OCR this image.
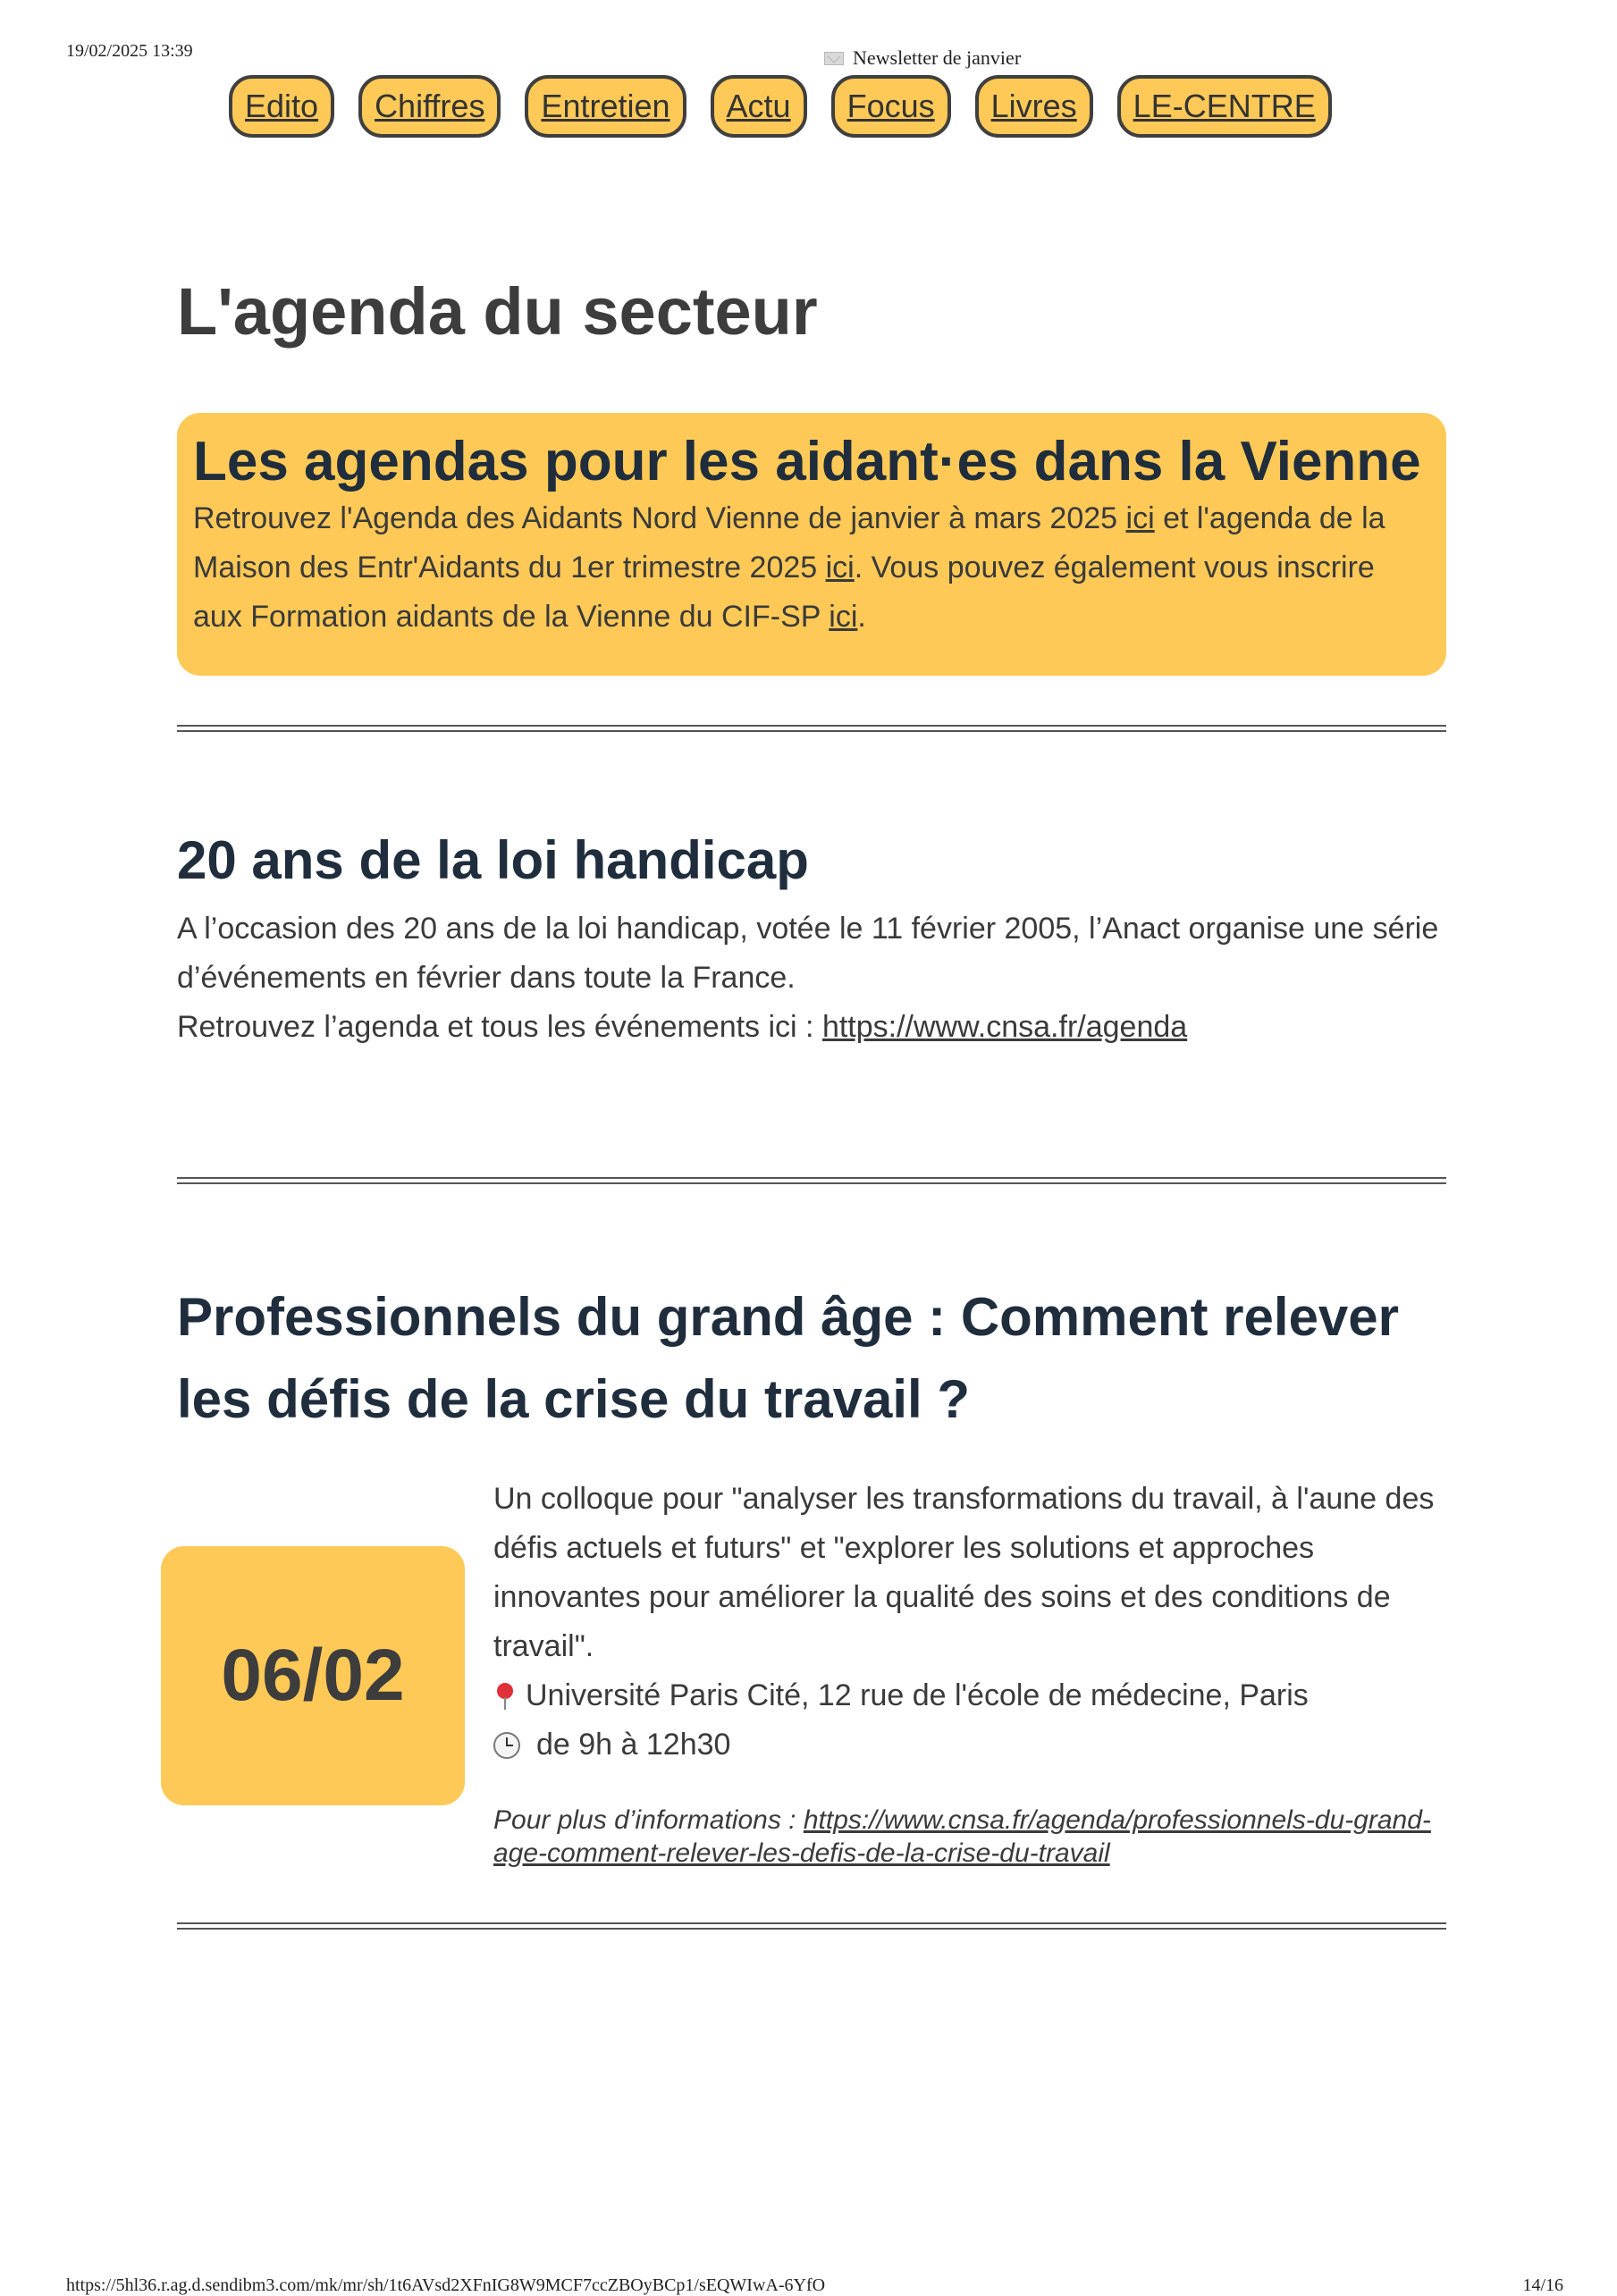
19/02/2025 13:39	Newsletter de janvier
Edito	Chiffres	Entretien	Actu	Focus	Livres	LE-CENTRE
L'agenda du secteur
Les agendas pour les aidant·es dans la Vienne

Retrouvez l'Agenda des Aidants Nord Vienne de janvier à mars 2025 ici et l'agenda de la Maison des Entr'Aidants du 1er trimestre 2025 ici. Vous pouvez également vous inscrire aux Formation aidants de la Vienne du CIF-SP ici.

20 ans de la loi handicap

A l’occasion des 20 ans de la loi handicap, votée le 11 février 2005, l’Anact organise une série d’événements en février dans toute la France.
Retrouvez l’agenda et tous les événements ici : https://www.cnsa.fr/agenda

Professionnels du grand âge : Comment relever les défis de la crise du travail ?
06/02
Un colloque pour "analyser les transformations du travail, à l'aune des défis actuels et futurs" et "explorer les solutions et approches innovantes pour améliorer la qualité des soins et des conditions de travail".
Université Paris Cité, 12 rue de l'école de médecine, Paris
de 9h à 12h30

Pour plus d’informations : https://www.cnsa.fr/agenda/professionnels-du-grand-age-comment-relever-les-defis-de-la-crise-du-travail

https://5hl36.r.ag.d.sendibm3.com/mk/mr/sh/1t6AVsd2XFnIG8W9MCF7ccZBOyBCp1/sEQWIwA-6YfO	14/16
